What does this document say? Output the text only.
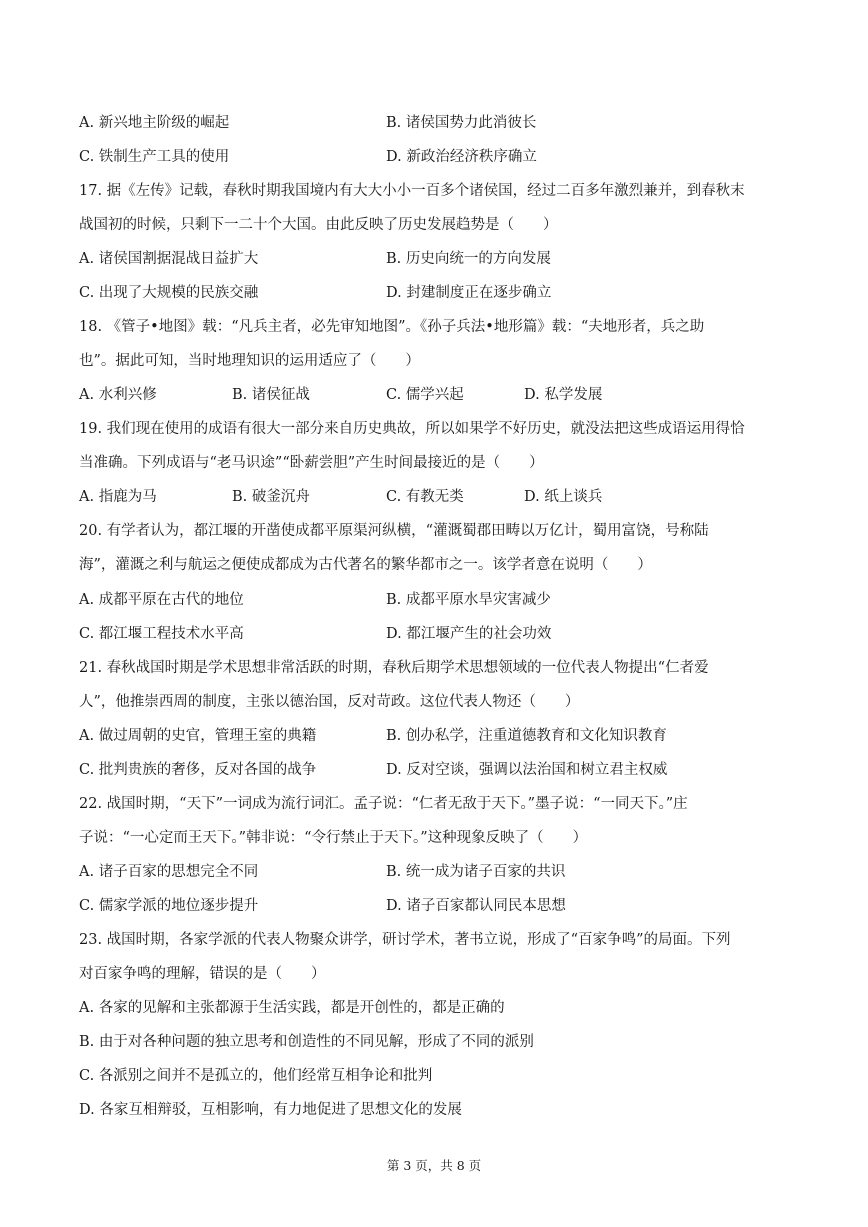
A. 新兴地主阶级的崛起	B. 诸侯国势力此消彼长
C. 铁制生产工具的使用	D. 新政治经济秩序确立
17. 据《左传》记载，春秋时期我国境内有大大小小一百多个诸侯国，经过二百多年激烈兼并，到春秋末
战国初的时候，只剩下一二十个大国。由此反映了历史发展趋势是（　　）
A. 诸侯国割据混战日益扩大	B. 历史向统一的方向发展
C. 出现了大规模的民族交融	D. 封建制度正在逐步确立
18. 《管子•地图》载：“凡兵主者，必先审知地图”。《孙子兵法•地形篇》载：“夫地形者，兵之助
也”。据此可知，当时地理知识的运用适应了（　　）
A. 水利兴修	B. 诸侯征战	C. 儒学兴起	D. 私学发展
19. 我们现在使用的成语有很大一部分来自历史典故，所以如果学不好历史，就没法把这些成语运用得恰
当准确。下列成语与“老马识途”“卧薪尝胆”产生时间最接近的是（　　）
A. 指鹿为马	B. 破釜沉舟	C. 有教无类	D. 纸上谈兵
20. 有学者认为，都江堰的开凿使成都平原渠河纵横，“灌溉蜀郡田畴以万亿计，蜀用富饶，号称陆
海”，灌溉之利与航运之便使成都成为古代著名的繁华都市之一。该学者意在说明（　　）
A. 成都平原在古代的地位	B. 成都平原水旱灾害减少
C. 都江堰工程技术水平高	D. 都江堰产生的社会功效
21. 春秋战国时期是学术思想非常活跃的时期，春秋后期学术思想领域的一位代表人物提出“仁者爱
人”，他推崇西周的制度，主张以德治国，反对苛政。这位代表人物还（　　）
A. 做过周朝的史官，管理王室的典籍	B. 创办私学，注重道德教育和文化知识教育
C. 批判贵族的奢侈，反对各国的战争	D. 反对空谈，强调以法治国和树立君主权威
22. 战国时期，“天下”一词成为流行词汇。孟子说：“仁者无敌于天下。”墨子说：“一同天下。”庄
子说：“一心定而王天下。”韩非说：“令行禁止于天下。”这种现象反映了（　　）
A. 诸子百家的思想完全不同	B. 统一成为诸子百家的共识
C. 儒家学派的地位逐步提升	D. 诸子百家都认同民本思想
23. 战国时期，各家学派的代表人物聚众讲学，研讨学术，著书立说，形成了“百家争鸣”的局面。下列
对百家争鸣的理解，错误的是（　　）
A. 各家的见解和主张都源于生活实践，都是开创性的，都是正确的
B. 由于对各种问题的独立思考和创造性的不同见解，形成了不同的派别
C. 各派别之间并不是孤立的，他们经常互相争论和批判
D. 各家互相辩驳，互相影响，有力地促进了思想文化的发展
第 3 页，共 8 页
